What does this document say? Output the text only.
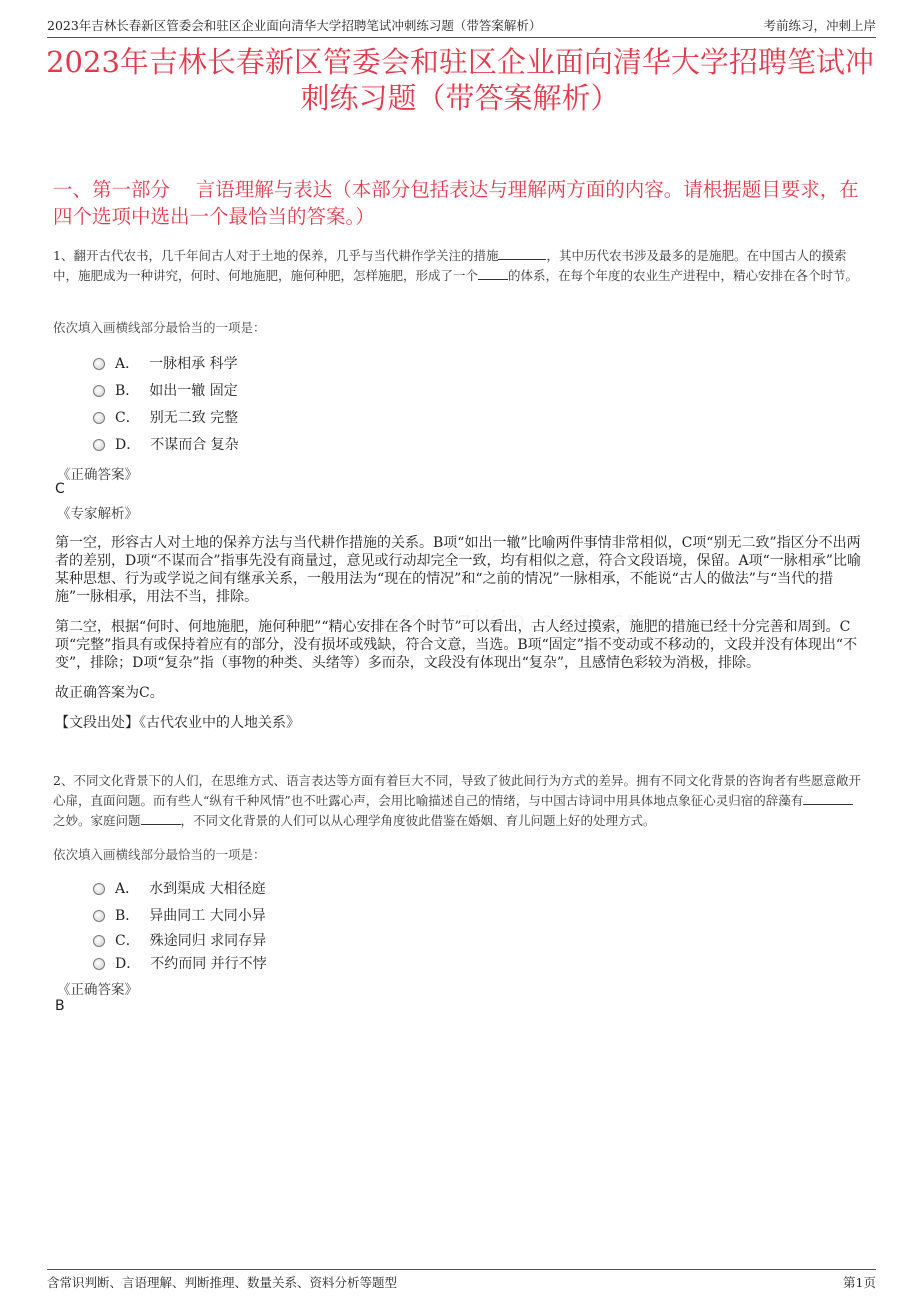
2023年吉林长春新区管委会和驻区企业面向清华大学招聘笔试冲刺练习题（带答案解析）	考前练习，冲刺上岸
2023年吉林长春新区管委会和驻区企业面向清华大学招聘笔试冲刺练习题（带答案解析）
一、第一部分　 言语理解与表达（本部分包括表达与理解两方面的内容。请根据题目要求，在四个选项中选出一个最恰当的答案。）
1、翻开古代农书，几千年间古人对于土地的保养，几乎与当代耕作学关注的措施	，其中历代农书涉及最多的是施肥。在中国古人的摸索中，施肥成为一种讲究，何时、何地施肥，施何种肥，怎样施肥，形成了一个 的体系，在每个年度的农业生产进程中，精心安排在各个时节。
依次填入画横线部分最恰当的一项是：
A． 一脉相承 科学
B． 如出一辙 固定
C． 别无二致 完整
D． 不谋而合 复杂
《正确答案》
C
《专家解析》

第一空，形容古人对土地的保养方法与当代耕作措施的关系。B项“如出一辙”比喻两件事情非常相似，C项“别无二致”指区分不出两者的差别，D项“不谋而合”指事先没有商量过，意见或行动却完全一致，均有相似之意，符合文段语境，保留。A项“一脉相承”比喻某种思想、行为或学说之间有继承关系，一般用法为“现在的情况”和“之前的情况”一脉相承，不能说“古人的做法”与“当代的措施”一脉相承，用法不当，排除。

第二空，根据“何时、何地施肥，施何种肥”“精心安排在各个时节”可以看出，古人经过摸索，施肥的措施已经十分完善和周到。C项“完整”指具有或保持着应有的部分，没有损坏或残缺，符合文意，当选。B项“固定”指不变动或不移动的，文段并没有体现出“不变”，排除；D项“复杂”指（事物的种类、头绪等）多而杂，文段没有体现出“复杂”，且感情色彩较为消极，排除。

故正确答案为C。

【文段出处】《古代农业中的人地关系》

2、不同文化背景下的人们，在思维方式、语言表达等方面有着巨大不同，导致了彼此间行为方式的差异。拥有不同文化背景的咨询者有些愿意敞开心扉，直面问题。而有些人“纵有千种风情”也不吐露心声，会用比喻描述自己的情绪，与中国古诗词中用具体地点象征心灵归宿的辞藻有之妙。家庭问题	，不同文化背景的人们可以从心理学角度彼此借鉴在婚姻、育儿问题上好的处理方式。
依次填入画横线部分最恰当的一项是：
A． 水到渠成 大相径庭
B． 异曲同工 大同小异
C． 殊途同归 求同存异
D． 不约而同 并行不悖
《正确答案》
B
含常识判断、言语理解、判断推理、数量关系、资料分析等题型	第1页
